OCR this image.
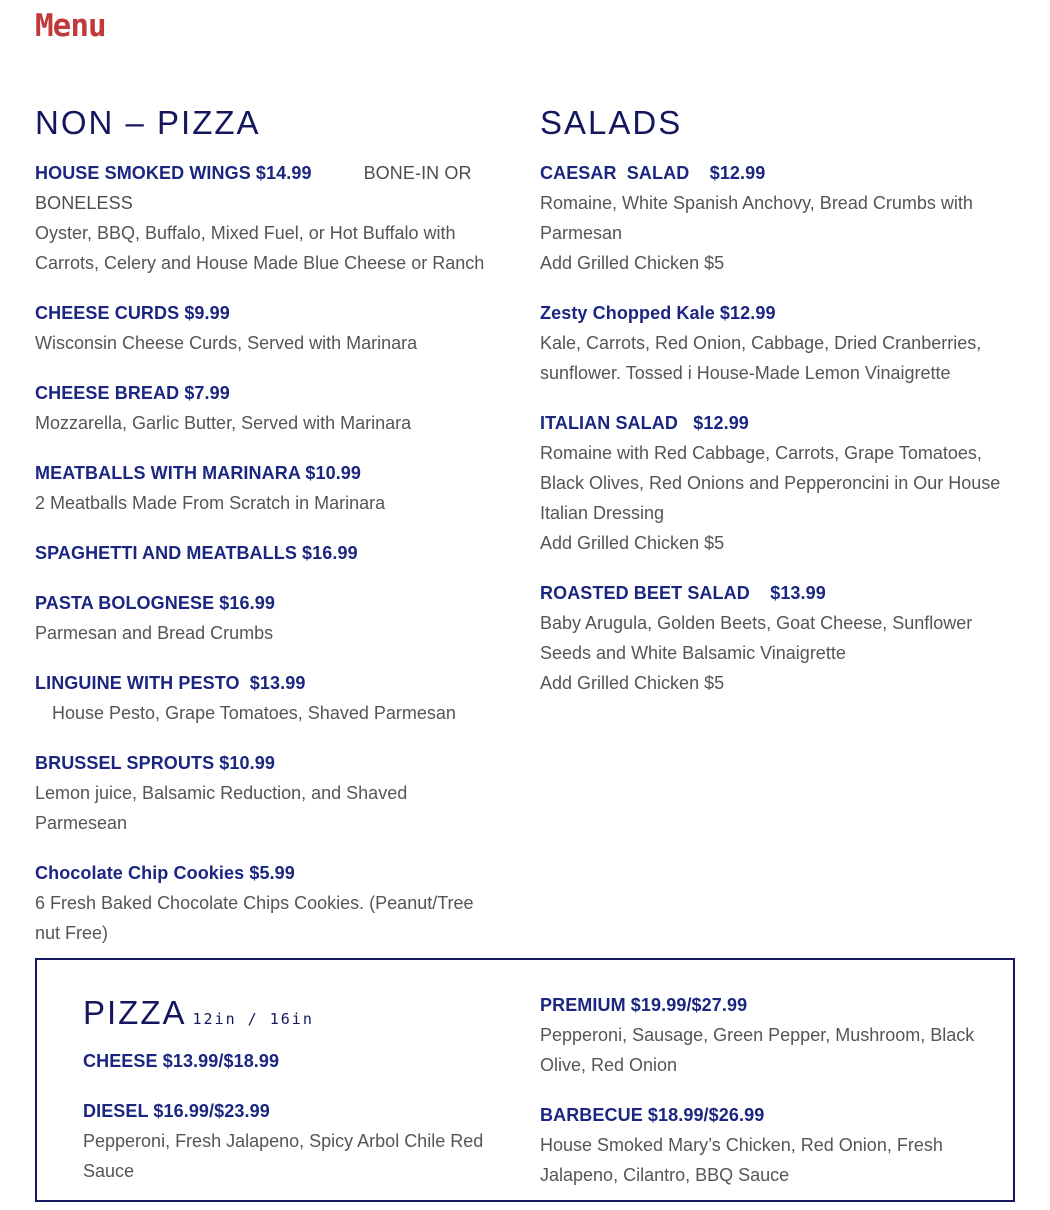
Menu
NON – PIZZA
HOUSE SMOKED WINGS $14.99	BONE-IN OR BONELESS
Oyster, BBQ, Buffalo, Mixed Fuel, or Hot Buffalo with Carrots, Celery and House Made Blue Cheese or Ranch
CHEESE CURDS $9.99
Wisconsin Cheese Curds, Served with Marinara
CHEESE BREAD $7.99
Mozzarella, Garlic Butter, Served with Marinara
MEATBALLS WITH MARINARA $10.99
2 Meatballs Made From Scratch in Marinara
SPAGHETTI AND MEATBALLS $16.99
PASTA BOLOGNESE $16.99
Parmesan and Bread Crumbs
LINGUINE WITH PESTO  $13.99
House Pesto, Grape Tomatoes, Shaved Parmesan
BRUSSEL SPROUTS $10.99
Lemon juice, Balsamic Reduction, and Shaved Parmesean
Chocolate Chip Cookies $5.99
6 Fresh Baked Chocolate Chips Cookies. (Peanut/Tree nut Free)
SALADS
CAESAR  SALAD    $12.99
Romaine, White Spanish Anchovy, Bread Crumbs with Parmesan
Add Grilled Chicken $5
Zesty Chopped Kale $12.99
Kale, Carrots, Red Onion, Cabbage, Dried Cranberries, sunflower. Tossed i House-Made Lemon Vinaigrette
ITALIAN SALAD   $12.99
Romaine with Red Cabbage, Carrots, Grape Tomatoes, Black Olives, Red Onions and Pepperoncini in Our House Italian Dressing
Add Grilled Chicken $5
ROASTED BEET SALAD    $13.99
Baby Arugula, Golden Beets, Goat Cheese, Sunflower Seeds and White Balsamic Vinaigrette
Add Grilled Chicken $5
PIZZA 12in / 16in
CHEESE $13.99/$18.99
DIESEL $16.99/$23.99
Pepperoni, Fresh Jalapeno, Spicy Arbol Chile Red Sauce
PREMIUM $19.99/$27.99
Pepperoni, Sausage, Green Pepper, Mushroom, Black Olive, Red Onion
BARBECUE $18.99/$26.99
House Smoked Mary’s Chicken, Red Onion, Fresh Jalapeno, Cilantro, BBQ Sauce
